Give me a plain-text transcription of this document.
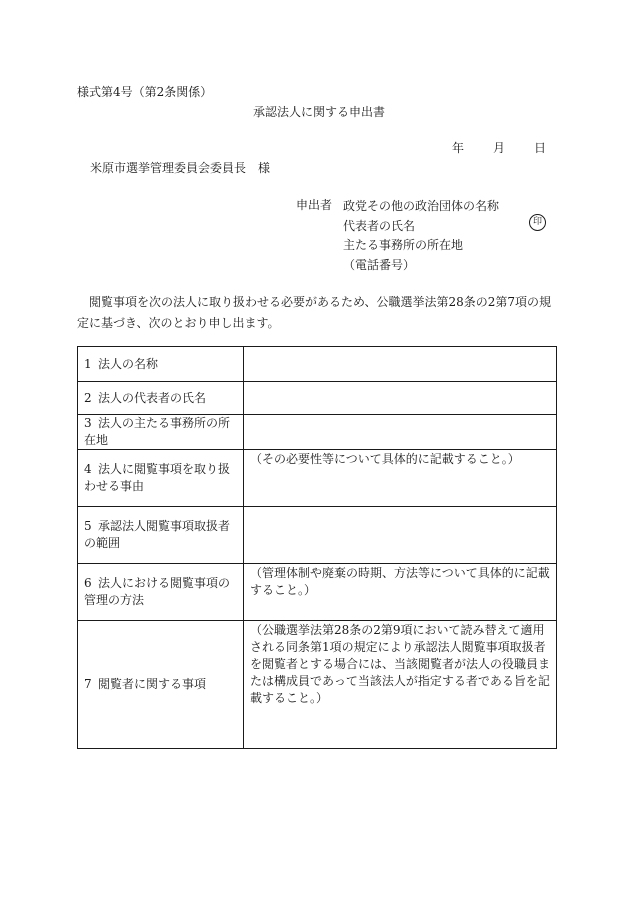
様式第4号（第2条関係）
承認法人に関する申出書
年 月 日
米原市選挙管理委員会委員長　様
申出者 政党その他の政治団体の名称
代表者の氏名
主たる事務所の所在地
（電話番号）
印
閲覧事項を次の法人に取り扱わせる必要があるため、公職選挙法第28条の2第7項の規定に基づき、次のとおり申し出ます。
1 法人の名称	
2 法人の代表者の氏名	
3 法人の主たる事務所の所在地	
4 法人に閲覧事項を取り扱わせる事由	（その必要性等について具体的に記載すること。）
5 承認法人閲覧事項取扱者の範囲	
6 法人における閲覧事項の管理の方法	（管理体制や廃棄の時期、方法等について具体的に記載すること。）
7 閲覧者に関する事項	（公職選挙法第28条の2第9項において読み替えて適用される同条第1項の規定により承認法人閲覧事項取扱者を閲覧者とする場合には、当該閲覧者が法人の役職員または構成員であって当該法人が指定する者である旨を記載すること。）
